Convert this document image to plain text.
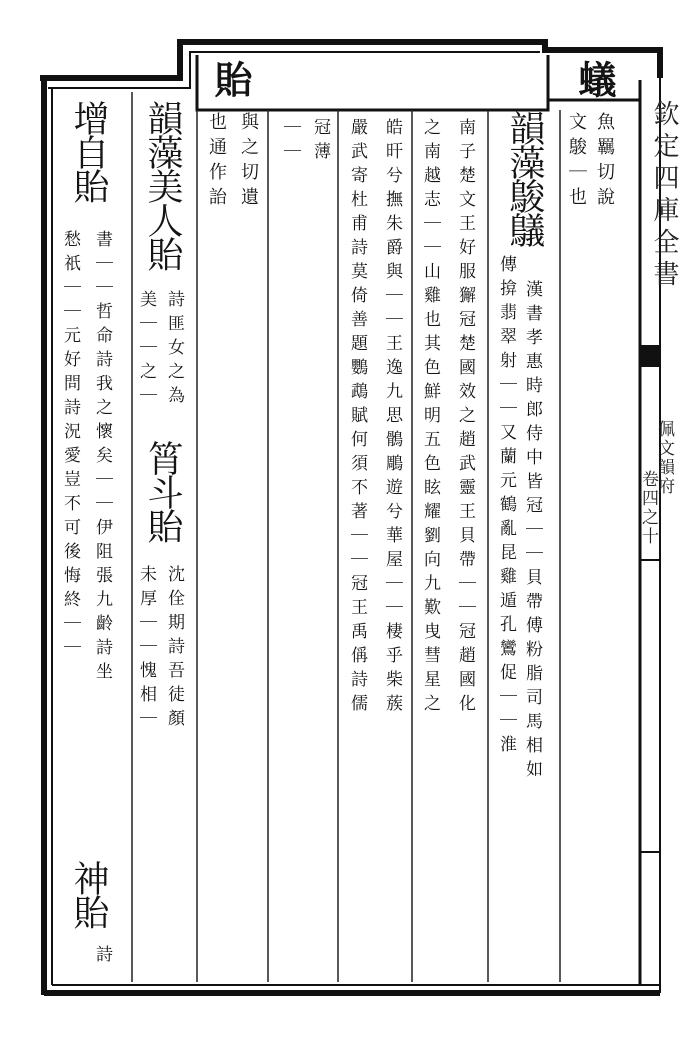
欽定四庫全書
佩文韻府
卷四之十
蟻
魚羈切說
文鵔｜也
韻藻鵔鸃
漢書孝惠時郎侍中皆冠｜｜貝帶傅粉脂司馬相如
傳揜翡翠射｜｜又蘭元鶴亂昆雞遁孔鸞促｜｜淮
南子楚文王好服獬冠楚國效之趙武靈王貝帶｜｜冠趙國化
之南越志｜｜山雞也其色鮮明五色眩耀劉向九歎曳彗星之
皓旰兮撫朱爵與｜｜王逸九思鶻鵰遊兮華屋｜｜棲乎柴蔟
嚴武寄杜甫詩莫倚善題鸚鵡賦何須不著｜｜冠王禹偁詩儒
冠薄
｜｜
貽
與之切遺
也通作詒
韻藻美人貽
詩匪女之為
美｜｜之｜
筲斗貽
沈佺期詩吾徒顏
未厚｜｜愧相｜
增自貽
書｜｜哲命詩我之懷矣｜｜伊阻張九齡詩坐
愁祇｜｜元好問詩況愛豈不可後悔終｜｜
神貽
詩
